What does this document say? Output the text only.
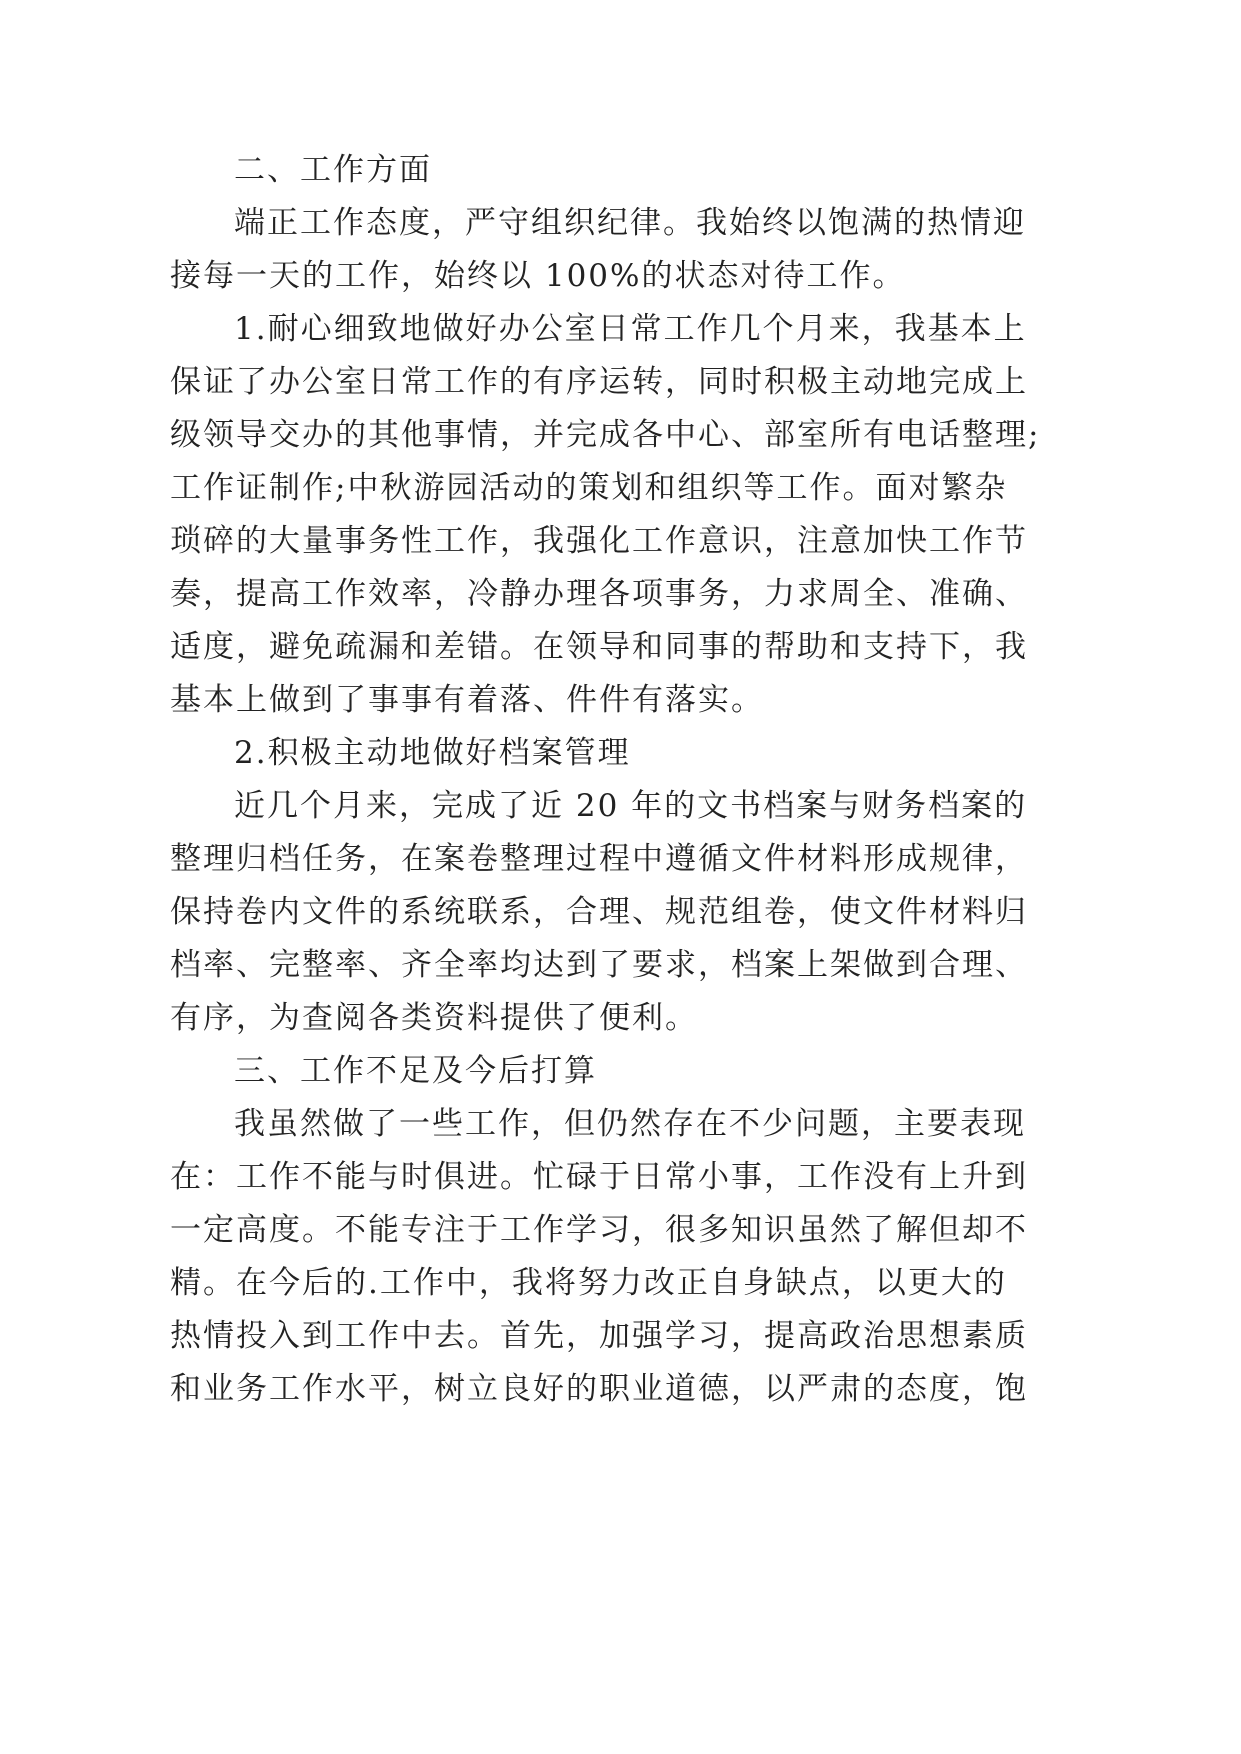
二、工作方面
端正工作态度，严守组织纪律。我始终以饱满的热情迎
接每一天的工作，始终以 100%的状态对待工作。
1.耐心细致地做好办公室日常工作几个月来，我基本上
保证了办公室日常工作的有序运转，同时积极主动地完成上
级领导交办的其他事情，并完成各中心、部室所有电话整理;
工作证制作;中秋游园活动的策划和组织等工作。面对繁杂
琐碎的大量事务性工作，我强化工作意识，注意加快工作节
奏，提高工作效率，冷静办理各项事务，力求周全、准确、
适度，避免疏漏和差错。在领导和同事的帮助和支持下，我
基本上做到了事事有着落、件件有落实。
2.积极主动地做好档案管理
近几个月来，完成了近 20 年的文书档案与财务档案的
整理归档任务，在案卷整理过程中遵循文件材料形成规律，
保持卷内文件的系统联系，合理、规范组卷，使文件材料归
档率、完整率、齐全率均达到了要求，档案上架做到合理、
有序，为查阅各类资料提供了便利。
三、工作不足及今后打算
我虽然做了一些工作，但仍然存在不少问题，主要表现
在：工作不能与时俱进。忙碌于日常小事，工作没有上升到
一定高度。不能专注于工作学习，很多知识虽然了解但却不
精。在今后的.工作中，我将努力改正自身缺点，以更大的
热情投入到工作中去。首先，加强学习，提高政治思想素质
和业务工作水平，树立良好的职业道德，以严肃的态度，饱
